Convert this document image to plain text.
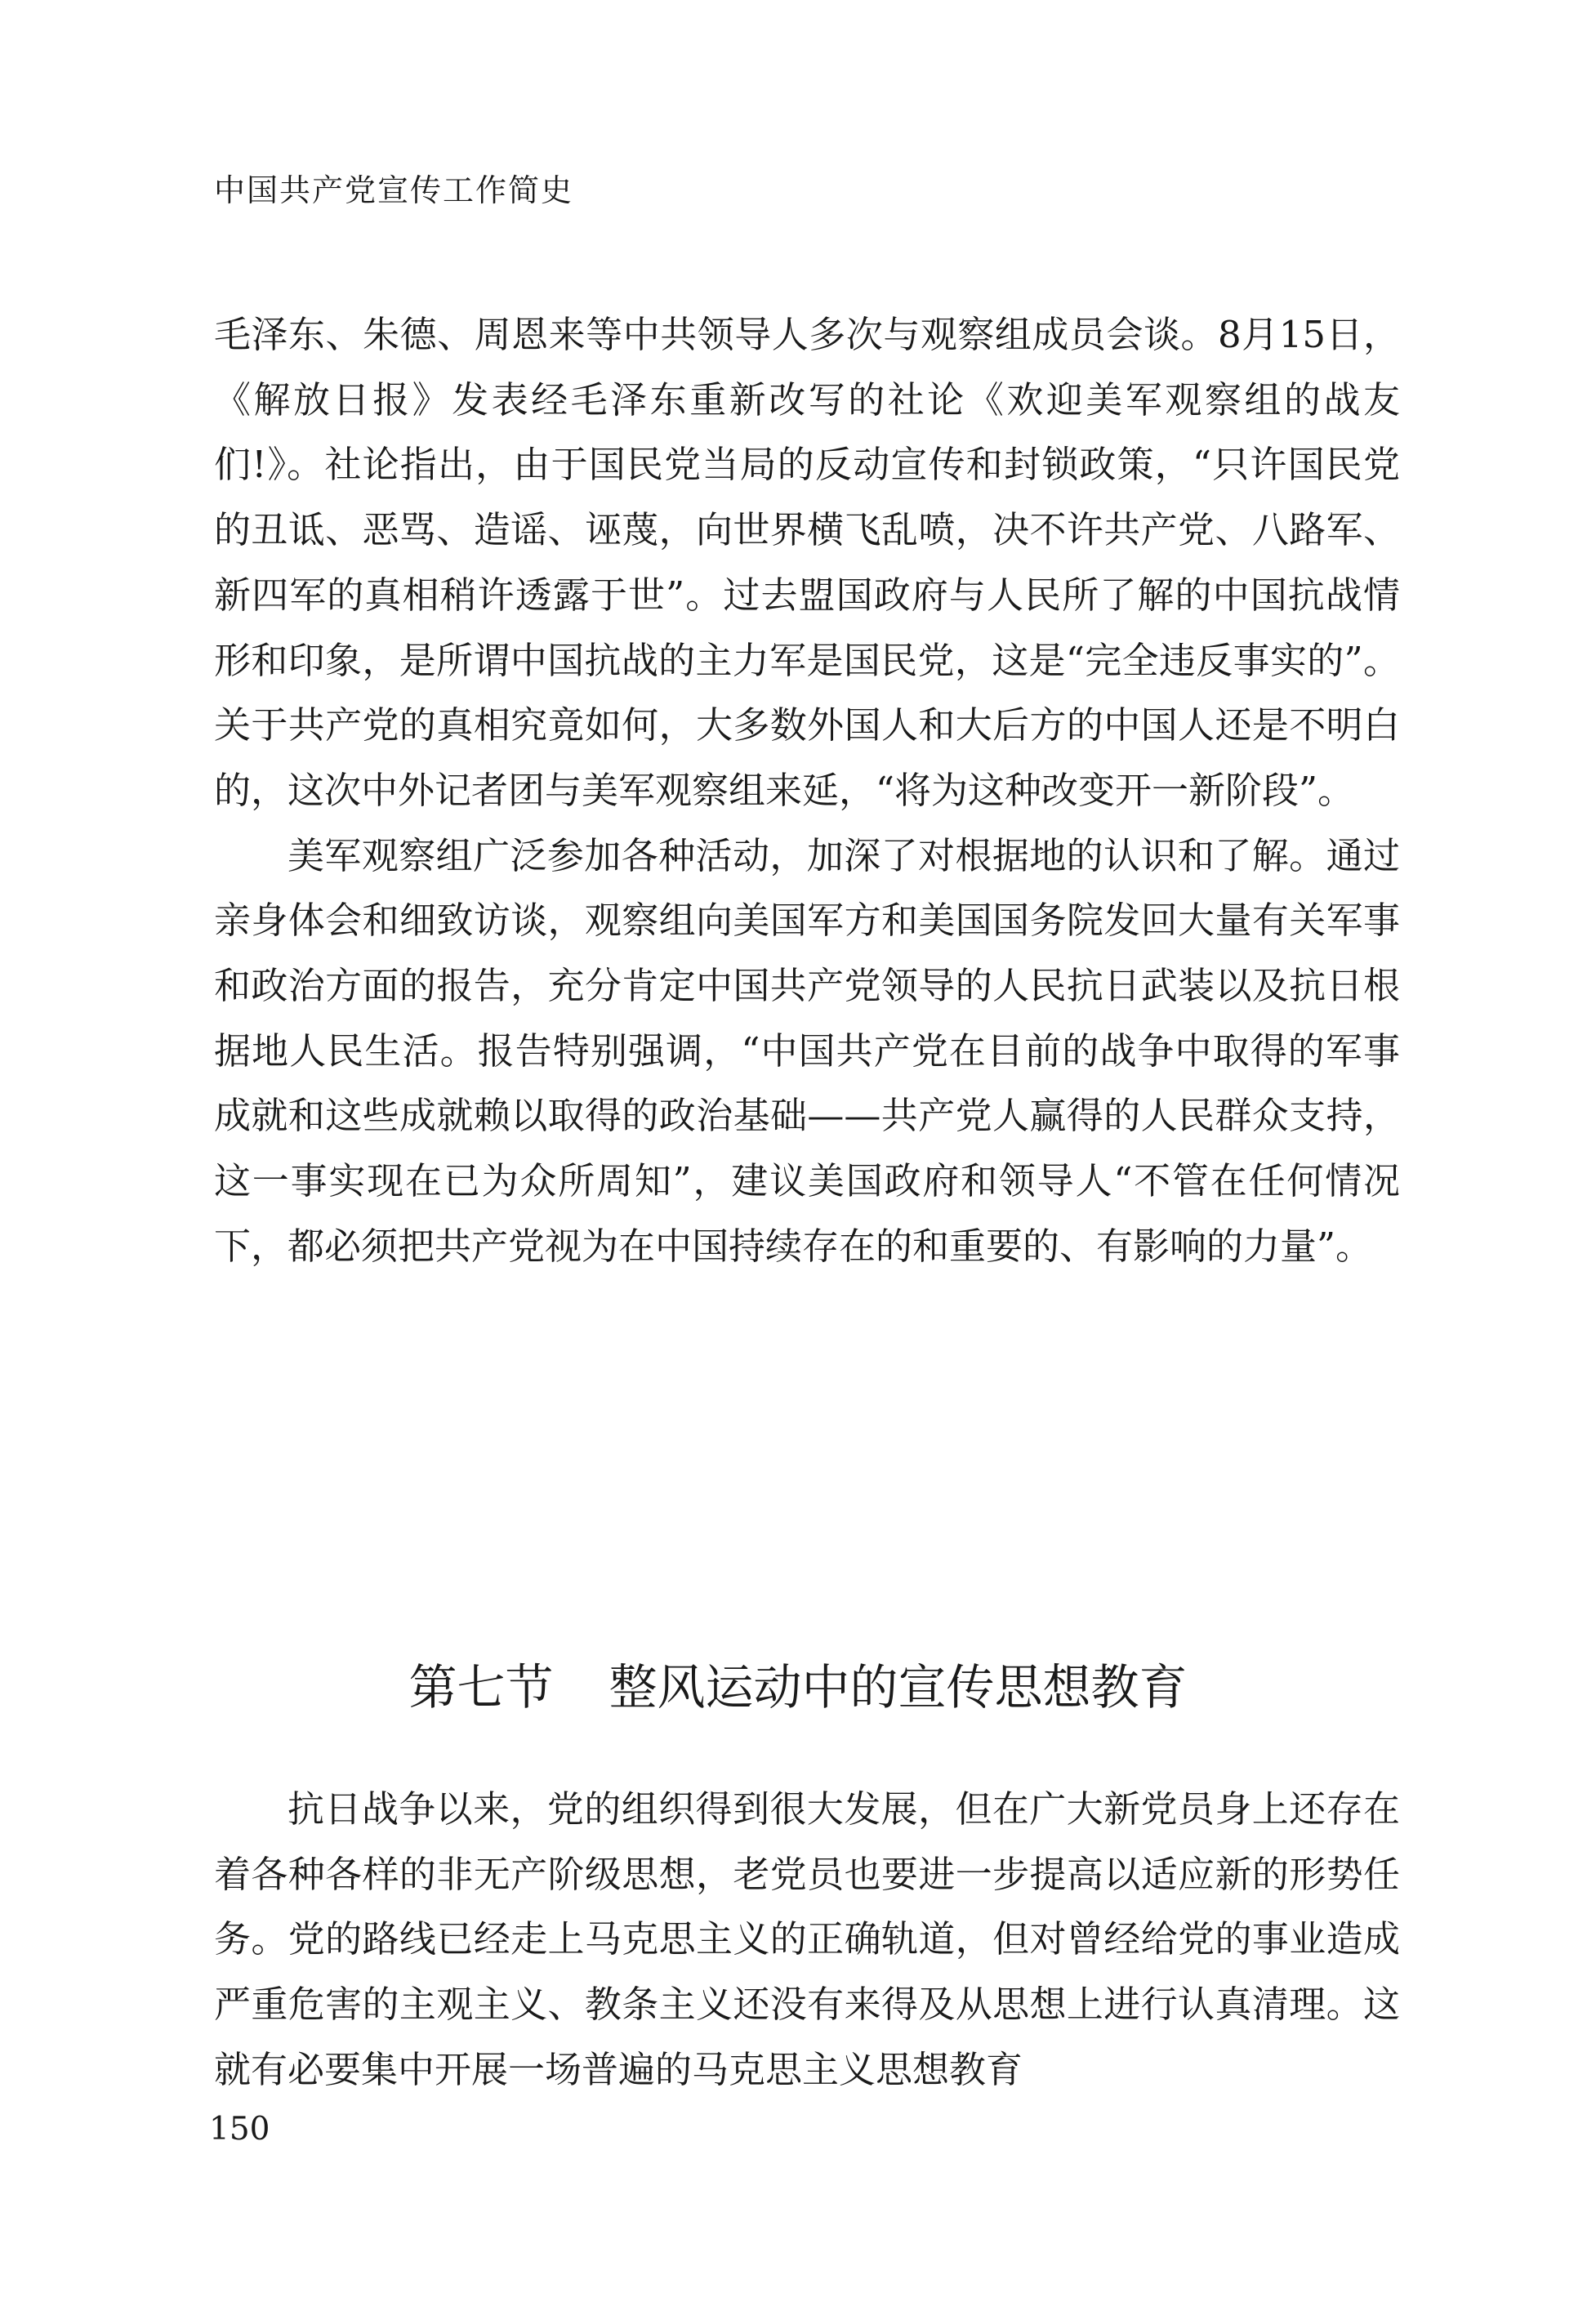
中国共产党宣传工作简史

毛泽东、朱德、周恩来等中共领导人多次与观察组成员会谈。8月15日，《解放日报》发表经毛泽东重新改写的社论《欢迎美军观察组的战友们!》。社论指出，由于国民党当局的反动宣传和封锁政策，“只许国民党的丑诋、恶骂、造谣、诬蔑，向世界横飞乱喷，决不许共产党、八路军、新四军的真相稍许透露于世”。过去盟国政府与人民所了解的中国抗战情形和印象，是所谓中国抗战的主力军是国民党，这是“完全违反事实的”。关于共产党的真相究竟如何，大多数外国人和大后方的中国人还是不明白的，这次中外记者团与美军观察组来延，“将为这种改变开一新阶段”。

美军观察组广泛参加各种活动，加深了对根据地的认识和了解。通过亲身体会和细致访谈，观察组向美国军方和美国国务院发回大量有关军事和政治方面的报告，充分肯定中国共产党领导的人民抗日武装以及抗日根据地人民生活。报告特别强调，“中国共产党在目前的战争中取得的军事成就和这些成就赖以取得的政治基础——共产党人赢得的人民群众支持，这一事实现在已为众所周知”，建议美国政府和领导人“不管在任何情况下，都必须把共产党视为在中国持续存在的和重要的、有影响的力量”。

第七节 整风运动中的宣传思想教育

抗日战争以来，党的组织得到很大发展，但在广大新党员身上还存在着各种各样的非无产阶级思想，老党员也要进一步提高以适应新的形势任务。党的路线已经走上马克思主义的正确轨道，但对曾经给党的事业造成严重危害的主观主义、教条主义还没有来得及从思想上进行认真清理。这就有必要集中开展一场普遍的马克思主义思想教育

150
